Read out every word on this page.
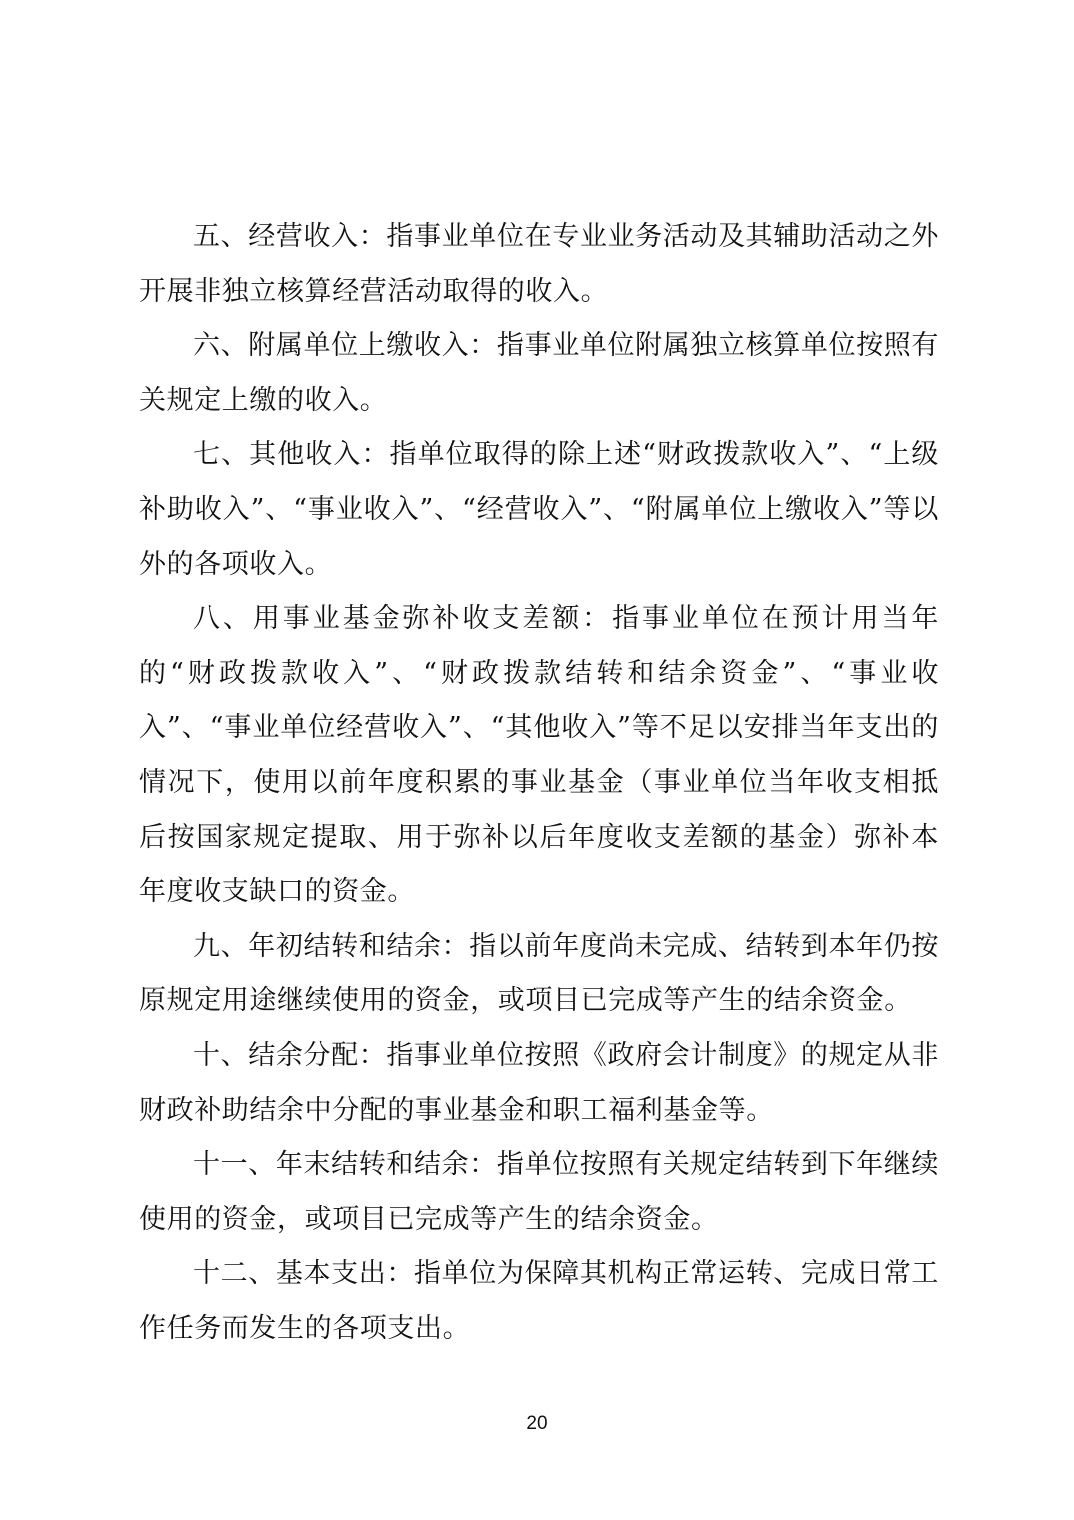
五、经营收入：指事业单位在专业业务活动及其辅助活动之外开展非独立核算经营活动取得的收入。

六、附属单位上缴收入：指事业单位附属独立核算单位按照有关规定上缴的收入。

七、其他收入：指单位取得的除上述“财政拨款收入”、“上级补助收入”、“事业收入”、“经营收入”、“附属单位上缴收入”等以外的各项收入。

八、用事业基金弥补收支差额：指事业单位在预计用当年的“财政拨款收入”、“财政拨款结转和结余资金”、“事业收入”、“事业单位经营收入”、“其他收入”等不足以安排当年支出的情况下，使用以前年度积累的事业基金（事业单位当年收支相抵后按国家规定提取、用于弥补以后年度收支差额的基金）弥补本年度收支缺口的资金。

九、年初结转和结余：指以前年度尚未完成、结转到本年仍按原规定用途继续使用的资金，或项目已完成等产生的结余资金。

十、结余分配：指事业单位按照《政府会计制度》的规定从非财政补助结余中分配的事业基金和职工福利基金等。

十一、年末结转和结余：指单位按照有关规定结转到下年继续使用的资金，或项目已完成等产生的结余资金。

十二、基本支出：指单位为保障其机构正常运转、完成日常工作任务而发生的各项支出。

20
